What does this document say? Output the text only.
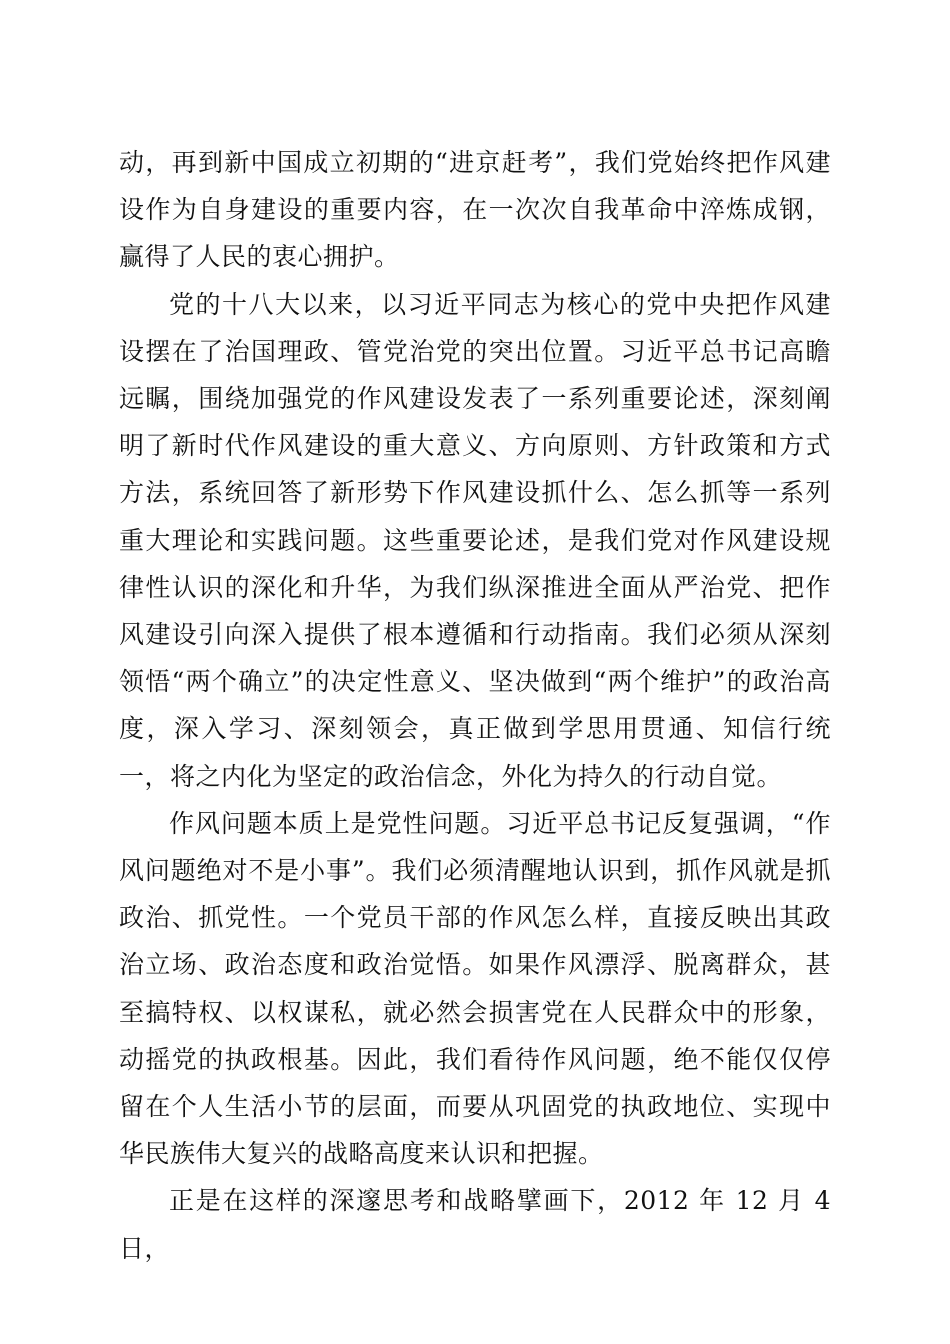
动，再到新中国成立初期的“进京赶考”，我们党始终把作风建设作为自身建设的重要内容，在一次次自我革命中淬炼成钢，赢得了人民的衷心拥护。

党的十八大以来，以习近平同志为核心的党中央把作风建设摆在了治国理政、管党治党的突出位置。习近平总书记高瞻远瞩，围绕加强党的作风建设发表了一系列重要论述，深刻阐明了新时代作风建设的重大意义、方向原则、方针政策和方式方法，系统回答了新形势下作风建设抓什么、怎么抓等一系列重大理论和实践问题。这些重要论述，是我们党对作风建设规律性认识的深化和升华，为我们纵深推进全面从严治党、把作风建设引向深入提供了根本遵循和行动指南。我们必须从深刻领悟“两个确立”的决定性意义、坚决做到“两个维护”的政治高度，深入学习、深刻领会，真正做到学思用贯通、知信行统一，将之内化为坚定的政治信念，外化为持久的行动自觉。

作风问题本质上是党性问题。习近平总书记反复强调，“作风问题绝对不是小事”。我们必须清醒地认识到，抓作风就是抓政治、抓党性。一个党员干部的作风怎么样，直接反映出其政治立场、政治态度和政治觉悟。如果作风漂浮、脱离群众，甚至搞特权、以权谋私，就必然会损害党在人民群众中的形象，动摇党的执政根基。因此，我们看待作风问题，绝不能仅仅停留在个人生活小节的层面，而要从巩固党的执政地位、实现中华民族伟大复兴的战略高度来认识和把握。

正是在这样的深邃思考和战略擘画下，2012 年 12 月 4 日，
